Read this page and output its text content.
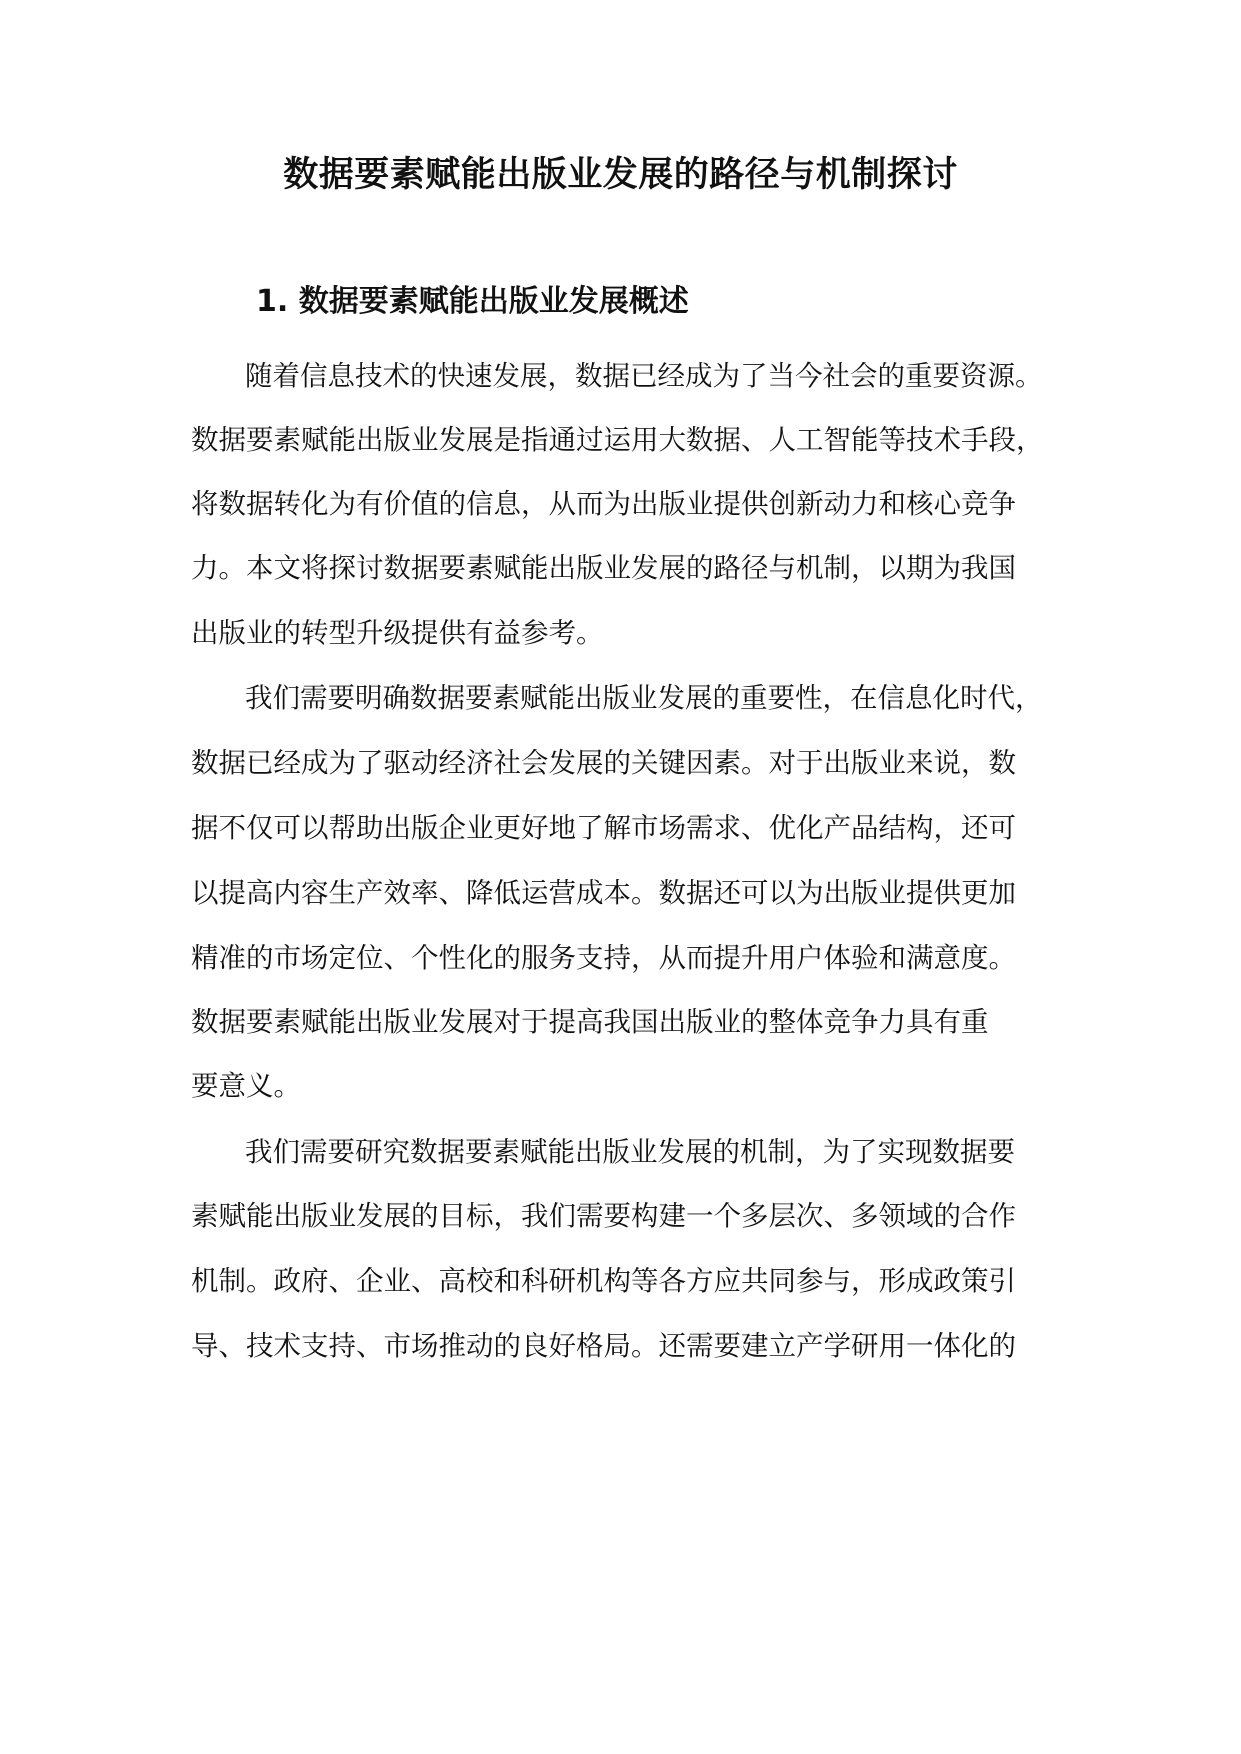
数据要素赋能出版业发展的路径与机制探讨
1. 数据要素赋能出版业发展概述

随着信息技术的快速发展，数据已经成为了当今社会的重要资源。

数据要素赋能出版业发展是指通过运用大数据、人工智能等技术手段，

将数据转化为有价值的信息，从而为出版业提供创新动力和核心竞争

力。本文将探讨数据要素赋能出版业发展的路径与机制，以期为我国

出版业的转型升级提供有益参考。

我们需要明确数据要素赋能出版业发展的重要性，在信息化时代，

数据已经成为了驱动经济社会发展的关键因素。对于出版业来说，数

据不仅可以帮助出版企业更好地了解市场需求、优化产品结构，还可

以提高内容生产效率、降低运营成本。数据还可以为出版业提供更加

精准的市场定位、个性化的服务支持，从而提升用户体验和满意度。

数据要素赋能出版业发展对于提高我国出版业的整体竞争力具有重

要意义。

我们需要研究数据要素赋能出版业发展的机制，为了实现数据要

素赋能出版业发展的目标，我们需要构建一个多层次、多领域的合作

机制。政府、企业、高校和科研机构等各方应共同参与，形成政策引

导、技术支持、市场推动的良好格局。还需要建立产学研用一体化的
